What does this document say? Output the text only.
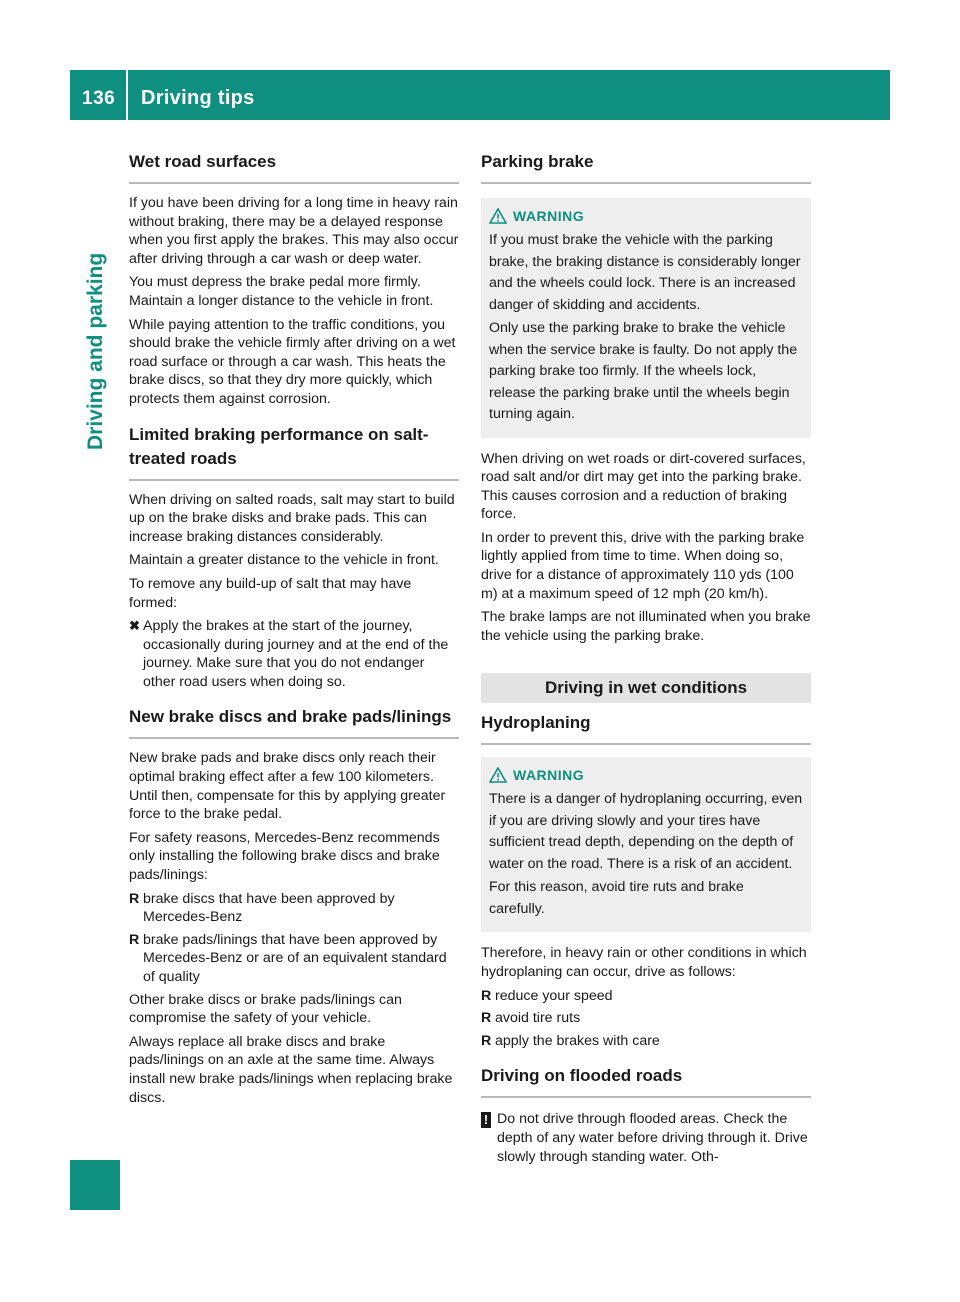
136 Driving tips
Driving and parking
Wet road surfaces
If you have been driving for a long time in heavy rain without braking, there may be a delayed response when you first apply the brakes. This may also occur after driving through a car wash or deep water.
You must depress the brake pedal more firmly. Maintain a longer distance to the vehicle in front.
While paying attention to the traffic conditions, you should brake the vehicle firmly after driving on a wet road surface or through a car wash. This heats the brake discs, so that they dry more quickly, which protects them against corrosion.
Limited braking performance on salt-treated roads
When driving on salted roads, salt may start to build up on the brake disks and brake pads. This can increase braking distances considerably.
Maintain a greater distance to the vehicle in front.
To remove any build-up of salt that may have formed:
✖ Apply the brakes at the start of the journey, occasionally during journey and at the end of the journey. Make sure that you do not endanger other road users when doing so.
New brake discs and brake pads/linings
New brake pads and brake discs only reach their optimal braking effect after a few 100 kilometers. Until then, compensate for this by applying greater force to the brake pedal.
For safety reasons, Mercedes-Benz recommends only installing the following brake discs and brake pads/linings:
R brake discs that have been approved by Mercedes-Benz
R brake pads/linings that have been approved by Mercedes-Benz or are of an equivalent standard of quality
Other brake discs or brake pads/linings can compromise the safety of your vehicle.
Always replace all brake discs and brake pads/linings on an axle at the same time. Always install new brake pads/linings when replacing brake discs.
Parking brake
WARNING
If you must brake the vehicle with the parking brake, the braking distance is considerably longer and the wheels could lock. There is an increased danger of skidding and accidents.
Only use the parking brake to brake the vehicle when the service brake is faulty. Do not apply the parking brake too firmly. If the wheels lock, release the parking brake until the wheels begin turning again.
When driving on wet roads or dirt-covered surfaces, road salt and/or dirt may get into the parking brake. This causes corrosion and a reduction of braking force.
In order to prevent this, drive with the parking brake lightly applied from time to time. When doing so, drive for a distance of approximately 110 yds (100 m) at a maximum speed of 12 mph (20 km/h).
The brake lamps are not illuminated when you brake the vehicle using the parking brake.
Driving in wet conditions
Hydroplaning
WARNING
There is a danger of hydroplaning occurring, even if you are driving slowly and your tires have sufficient tread depth, depending on the depth of water on the road. There is a risk of an accident.
For this reason, avoid tire ruts and brake carefully.
Therefore, in heavy rain or other conditions in which hydroplaning can occur, drive as follows:
R reduce your speed
R avoid tire ruts
R apply the brakes with care
Driving on flooded roads
! Do not drive through flooded areas. Check the depth of any water before driving through it. Drive slowly through standing water. Oth-
